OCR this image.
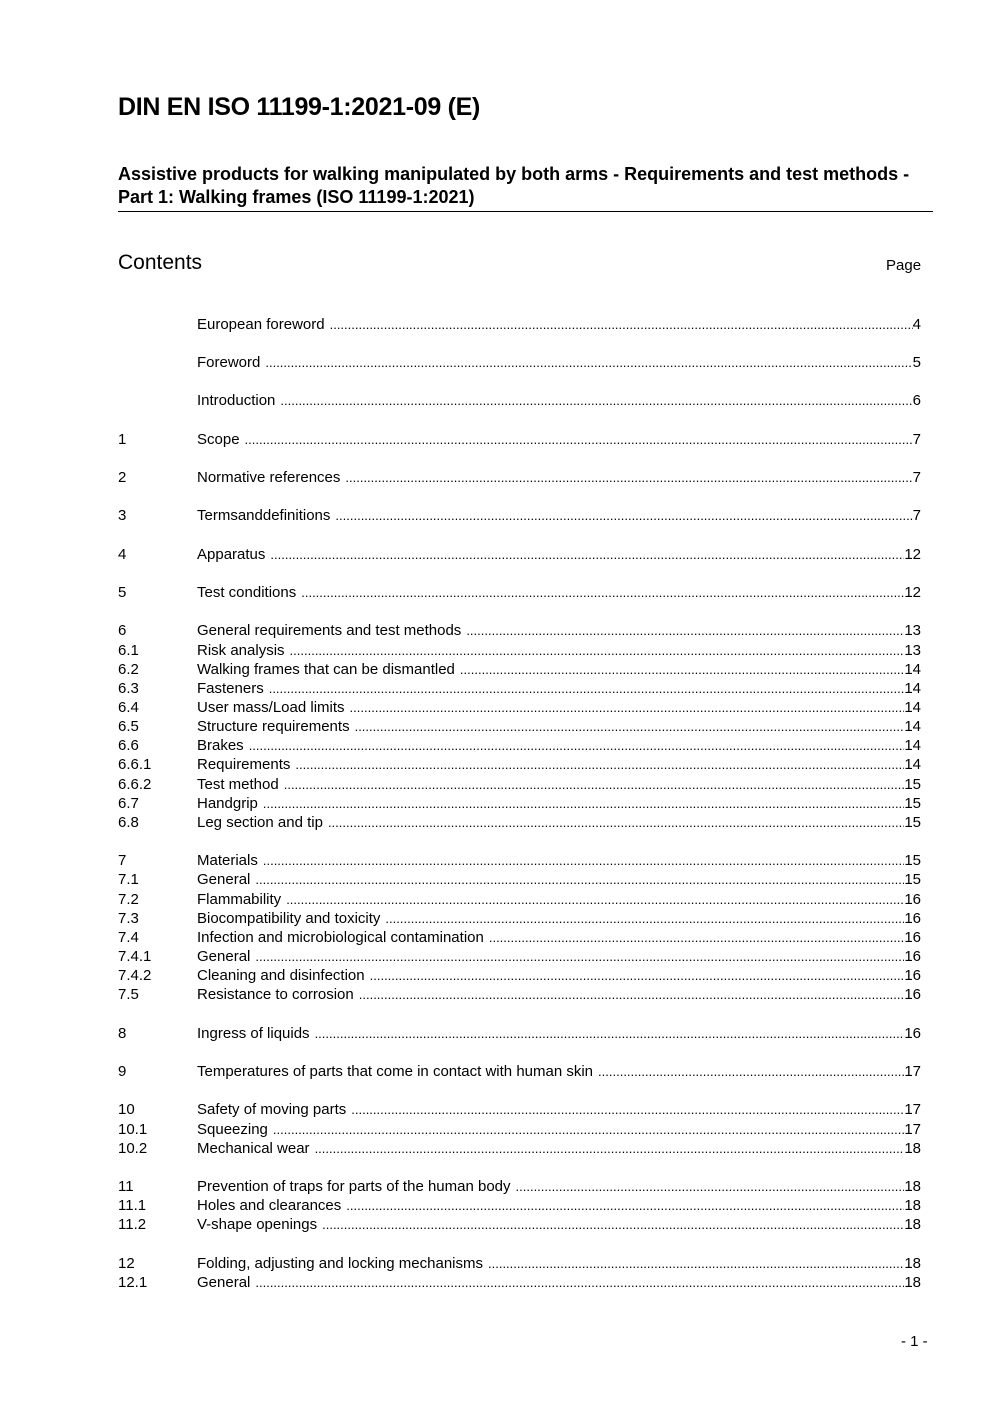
DIN EN ISO 11199-1:2021-09 (E)
Assistive products for walking manipulated by both arms - Requirements and test methods - Part 1: Walking frames (ISO 11199-1:2021)
Contents	Page
European foreword .....	4
Foreword .....	5
Introduction .....	6
1	Scope .....	7
2	Normative references .....	7
3	Termsanddefinitions .....	7
4	Apparatus .....	12
5	Test conditions .....	12
6	General requirements and test methods .....	13
6.1	Risk analysis .....	13
6.2	Walking frames that can be dismantled .....	14
6.3	Fasteners .....	14
6.4	User mass/Load limits .....	14
6.5	Structure requirements .....	14
6.6	Brakes .....	14
6.6.1	Requirements .....	14
6.6.2	Test method .....	15
6.7	Handgrip .....	15
6.8	Leg section and tip .....	15
7	Materials .....	15
7.1	General .....	15
7.2	Flammability .....	16
7.3	Biocompatibility and toxicity .....	16
7.4	Infection and microbiological contamination .....	16
7.4.1	General .....	16
7.4.2	Cleaning and disinfection .....	16
7.5	Resistance to corrosion .....	16
8	Ingress of liquids .....	16
9	Temperatures of parts that come in contact with human skin .....	17
10	Safety of moving parts .....	17
10.1	Squeezing .....	17
10.2	Mechanical wear .....	18
11	Prevention of traps for parts of the human body .....	18
11.1	Holes and clearances .....	18
11.2	V-shape openings .....	18
12	Folding, adjusting and locking mechanisms .....	18
12.1	General .....	18
- 1 -
